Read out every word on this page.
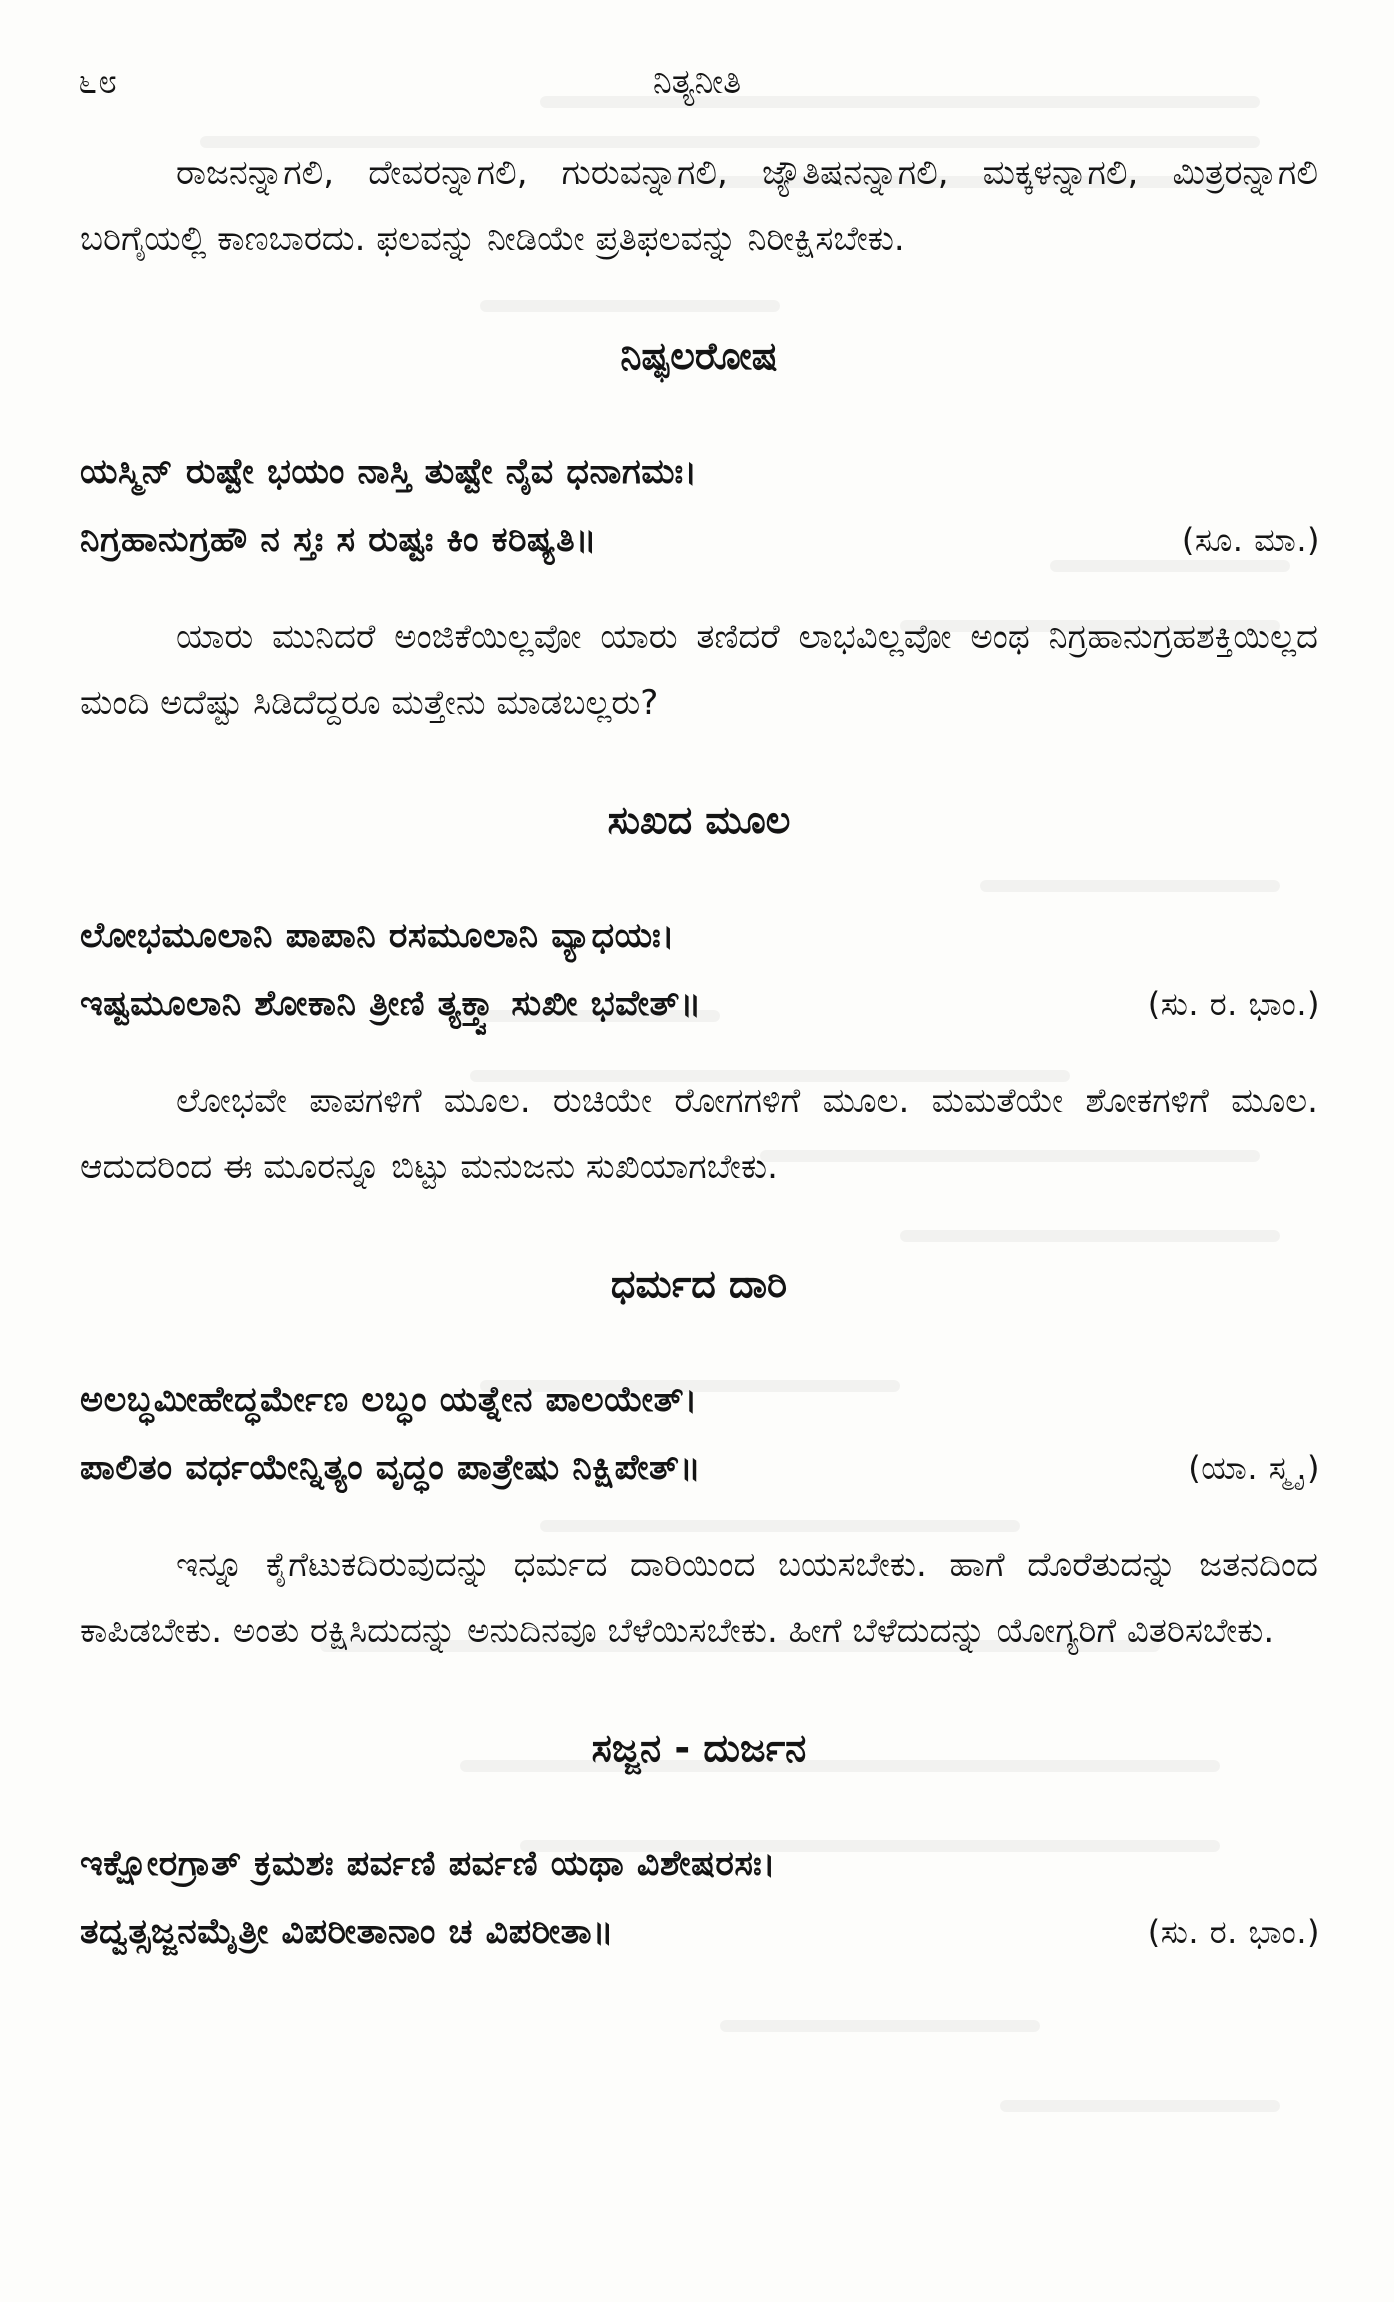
೬೮	ನಿತ್ಯನೀತಿ

ರಾಜನನ್ನಾಗಲಿ, ದೇವರನ್ನಾಗಲಿ, ಗುರುವನ್ನಾಗಲಿ, ಜ್ಯೌತಿಷನನ್ನಾಗಲಿ, ಮಕ್ಕಳನ್ನಾಗಲಿ, ಮಿತ್ರರನ್ನಾಗಲಿ ಬರಿಗೈಯಲ್ಲಿ ಕಾಣಬಾರದು. ಫಲವನ್ನು ನೀಡಿಯೇ ಪ್ರತಿಫಲವನ್ನು ನಿರೀಕ್ಷಿಸಬೇಕು.

ನಿಷ್ಫಲರೋಷ
ಯಸ್ಮಿನ್ ರುಷ್ಟೇ ಭಯಂ ನಾಸ್ತಿ ತುಷ್ಟೇ ನೈವ ಧನಾಗಮಃ।
ನಿಗ್ರಹಾನುಗ್ರಹೌ ನ ಸ್ತಃ ಸ ರುಷ್ಟಃ ಕಿಂ ಕರಿಷ್ಯತಿ॥	(ಸೂ. ಮಾ.)

ಯಾರು ಮುನಿದರೆ ಅಂಜಿಕೆಯಿಲ್ಲವೋ ಯಾರು ತಣಿದರೆ ಲಾಭವಿಲ್ಲವೋ ಅಂಥ ನಿಗ್ರಹಾನುಗ್ರಹಶಕ್ತಿಯಿಲ್ಲದ ಮಂದಿ ಅದೆಷ್ಟು ಸಿಡಿದೆದ್ದರೂ ಮತ್ತೇನು ಮಾಡಬಲ್ಲರು?

ಸುಖದ ಮೂಲ
ಲೋಭಮೂಲಾನಿ ಪಾಪಾನಿ ರಸಮೂಲಾನಿ ವ್ಯಾಧಯಃ।
ಇಷ್ಟಮೂಲಾನಿ ಶೋಕಾನಿ ತ್ರೀಣಿ ತ್ಯಕ್ತ್ವಾ ಸುಖೀ ಭವೇತ್॥	(ಸು. ರ. ಭಾಂ.)

ಲೋಭವೇ ಪಾಪಗಳಿಗೆ ಮೂಲ. ರುಚಿಯೇ ರೋಗಗಳಿಗೆ ಮೂಲ. ಮಮತೆಯೇ ಶೋಕಗಳಿಗೆ ಮೂಲ. ಆದುದರಿಂದ ಈ ಮೂರನ್ನೂ ಬಿಟ್ಟು ಮನುಜನು ಸುಖಿಯಾಗಬೇಕು.

ಧರ್ಮದ ದಾರಿ
ಅಲಬ್ಧಮೀಹೇದ್ಧರ್ಮೇಣ ಲಬ್ಧಂ ಯತ್ನೇನ ಪಾಲಯೇತ್।
ಪಾಲಿತಂ ವರ್ಧಯೇನ್ನಿತ್ಯಂ ವೃದ್ಧಂ ಪಾತ್ರೇಷು ನಿಕ್ಷಿಪೇತ್॥	(ಯಾ. ಸ್ಮೃ.)

ಇನ್ನೂ ಕೈಗೆಟುಕದಿರುವುದನ್ನು ಧರ್ಮದ ದಾರಿಯಿಂದ ಬಯಸಬೇಕು. ಹಾಗೆ ದೊರೆತುದನ್ನು ಜತನದಿಂದ ಕಾಪಿಡಬೇಕು. ಅಂತು ರಕ್ಷಿಸಿದುದನ್ನು ಅನುದಿನವೂ ಬೆಳೆಯಿಸಬೇಕು. ಹೀಗೆ ಬೆಳೆದುದನ್ನು ಯೋಗ್ಯರಿಗೆ ವಿತರಿಸಬೇಕು.

ಸಜ್ಜನ - ದುರ್ಜನ
ಇಕ್ಷೋರಗ್ರಾತ್ ಕ್ರಮಶಃ ಪರ್ವಣಿ ಪರ್ವಣಿ ಯಥಾ ವಿಶೇಷರಸಃ।
ತದ್ವತ್ಸಜ್ಜನಮೈತ್ರೀ ವಿಪರೀತಾನಾಂ ಚ ವಿಪರೀತಾ॥	(ಸು. ರ. ಭಾಂ.)
